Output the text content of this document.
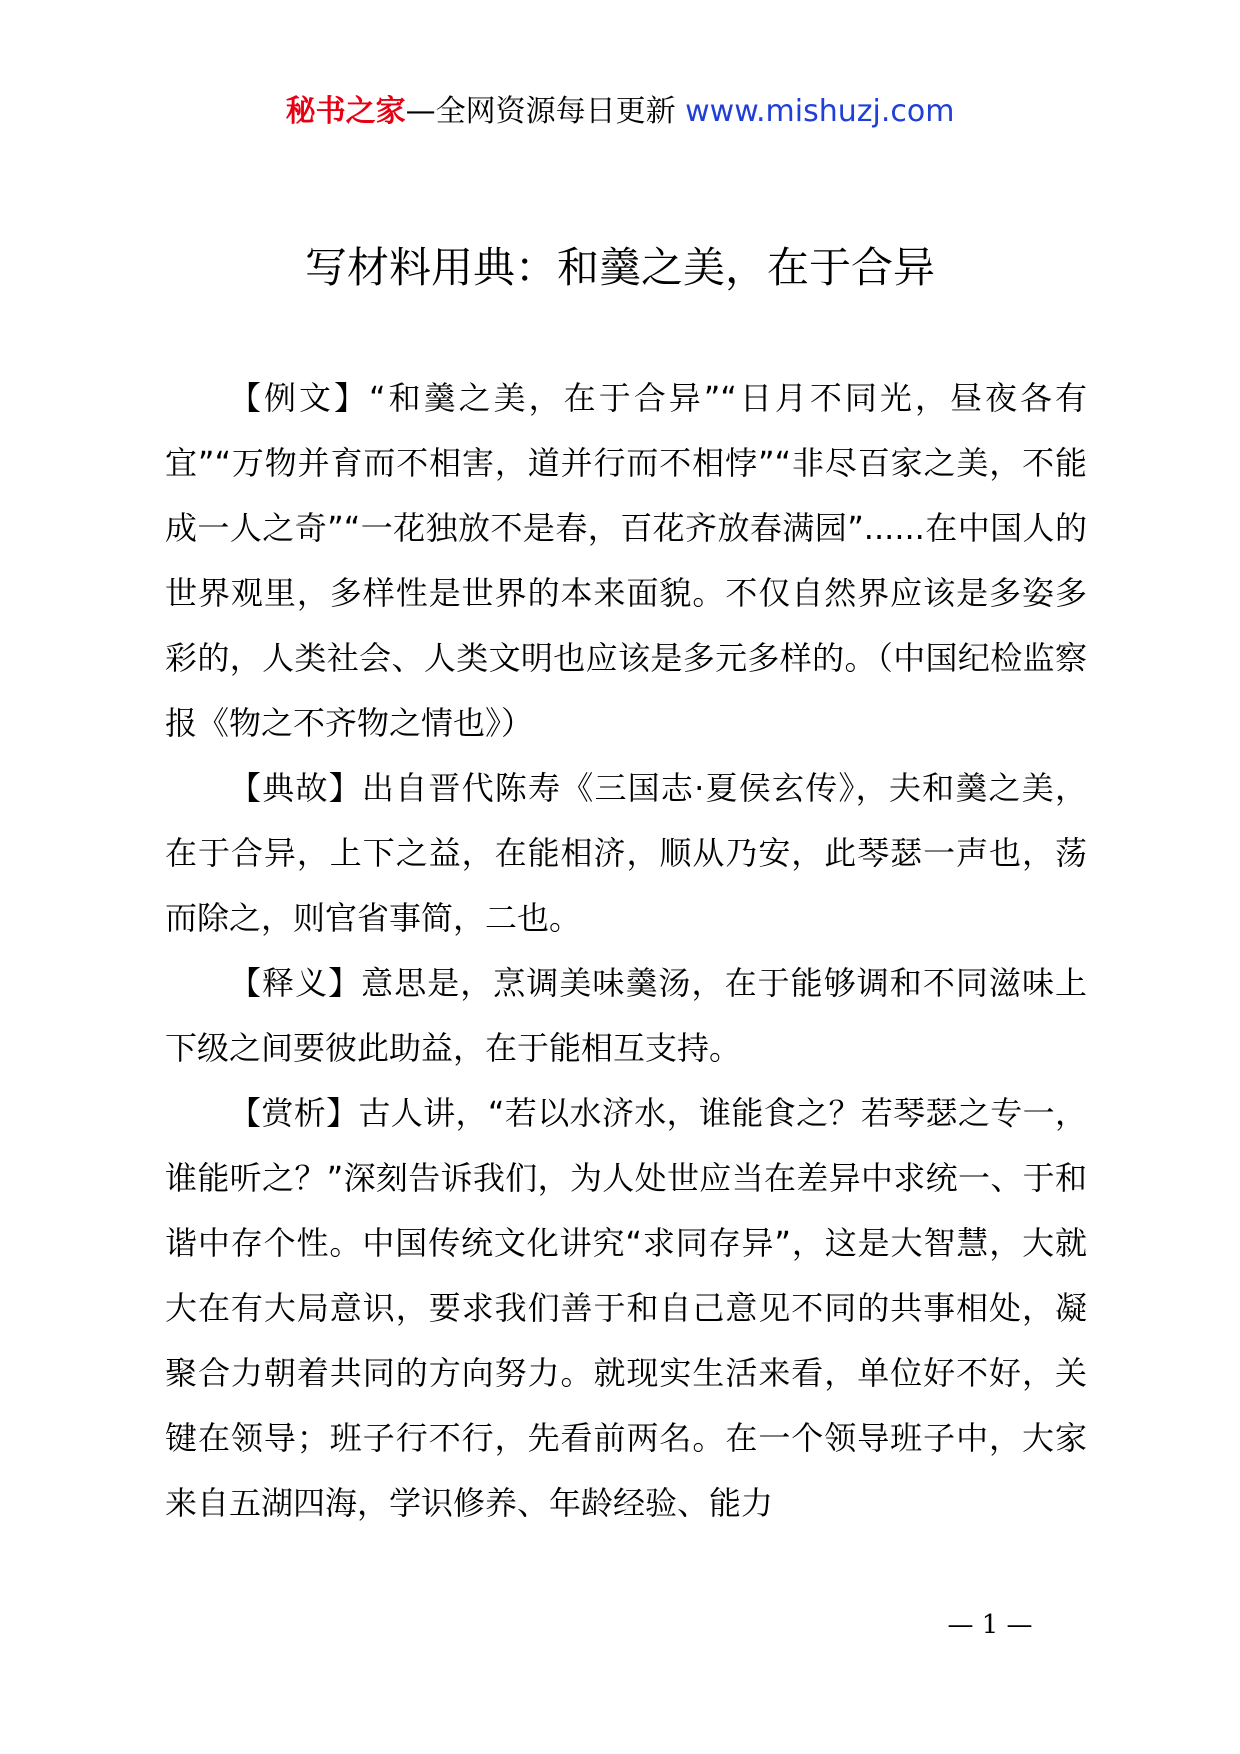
秘书之家—全网资源每日更新 www.mishuzj.com
写材料用典：和羹之美，在于合异

【例文】“和羹之美，在于合异”“日月不同光，昼夜各有宜”“万物并育而不相害，道并行而不相悖”“非尽百家之美，不能成一人之奇”“一花独放不是春，百花齐放春满园”......在中国人的世界观里，多样性是世界的本来面貌。不仅自然界应该是多姿多彩的，人类社会、人类文明也应该是多元多样的。（中国纪检监察报《物之不齐物之情也》）

【典故】出自晋代陈寿《三国志·夏侯玄传》，夫和羹之美，在于合异，上下之益，在能相济，顺从乃安，此琴瑟一声也，荡而除之，则官省事简，二也。

【释义】意思是，烹调美味羹汤，在于能够调和不同滋味上下级之间要彼此助益，在于能相互支持。

【赏析】古人讲，“若以水济水，谁能食之？若琴瑟之专一，谁能听之？”深刻告诉我们，为人处世应当在差异中求统一、于和谐中存个性。中国传统文化讲究“求同存异”，这是大智慧，大就大在有大局意识，要求我们善于和自己意见不同的共事相处，凝聚合力朝着共同的方向努力。就现实生活来看，单位好不好，关键在领导；班子行不行，先看前两名。在一个领导班子中，大家来自五湖四海，学识修养、年龄经验、能力

— 1 —
